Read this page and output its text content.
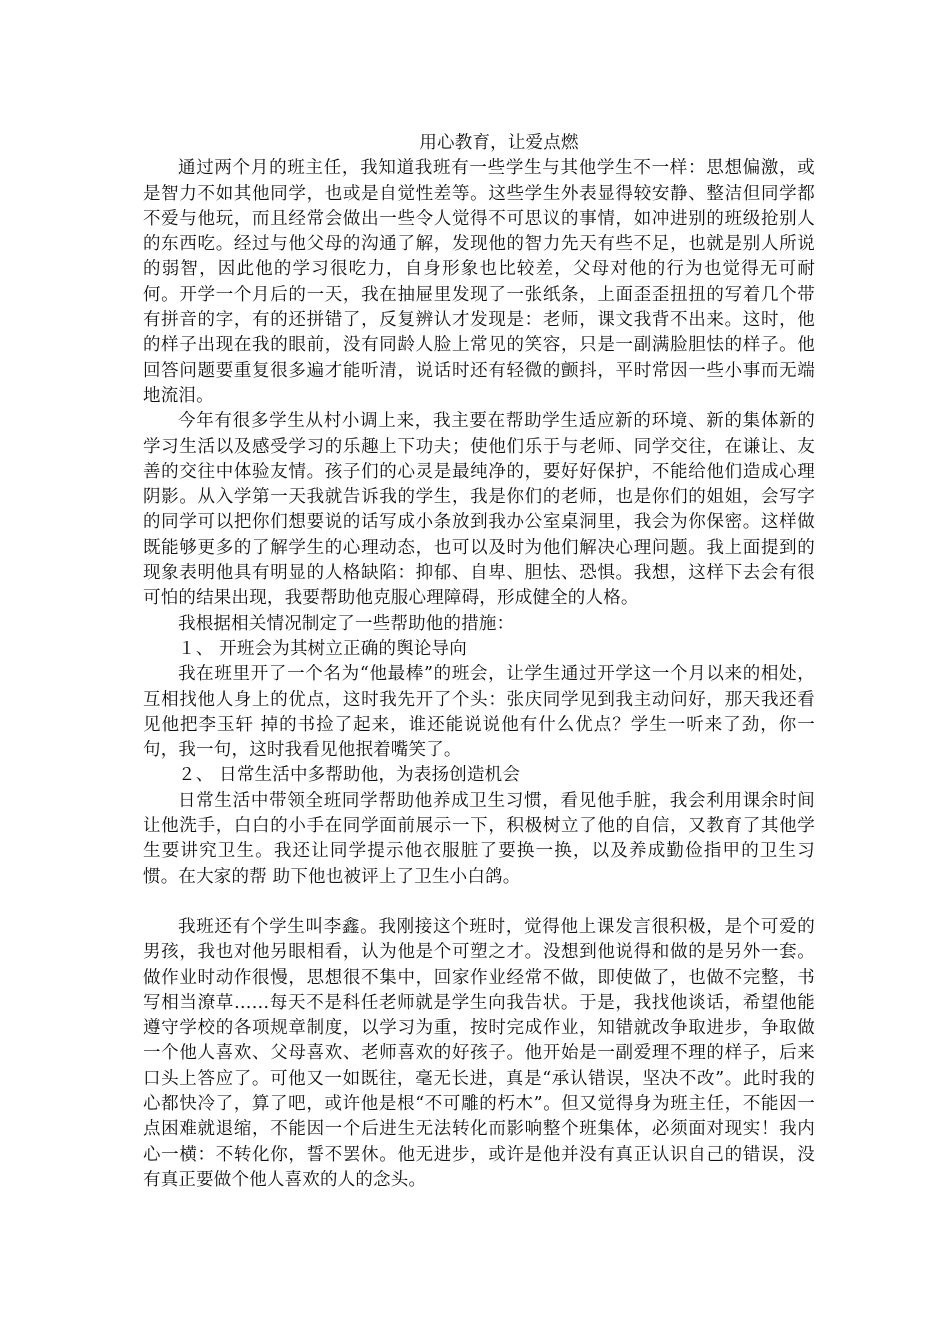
用心教育，让爱点燃

通过两个月的班主任，我知道我班有一些学生与其他学生不一样：思想偏激，或是智力不如其他同学，也或是自觉性差等。这些学生外表显得较安静、整洁但同学都不爱与他玩，而且经常会做出一些令人觉得不可思议的事情，如冲进别的班级抢别人的东西吃。经过与他父母的沟通了解，发现他的智力先天有些不足，也就是别人所说的弱智，因此他的学习很吃力，自身形象也比较差，父母对他的行为也觉得无可耐何。开学一个月后的一天，我在抽屉里发现了一张纸条，上面歪歪扭扭的写着几个带有拼音的字，有的还拼错了，反复辨认才发现是：老师，课文我背不出来。这时，他的样子出现在我的眼前，没有同龄人脸上常见的笑容，只是一副满脸胆怯的样子。他回答问题要重复很多遍才能听清，说话时还有轻微的颤抖，平时常因一些小事而无端地流泪。

今年有很多学生从村小调上来，我主要在帮助学生适应新的环境、新的集体新的学习生活以及感受学习的乐趣上下功夫；使他们乐于与老师、同学交往，在谦让、友善的交往中体验友情。孩子们的心灵是最纯净的，要好好保护，不能给他们造成心理阴影。从入学第一天我就告诉我的学生，我是你们的老师，也是你们的姐姐，会写字的同学可以把你们想要说的话写成小条放到我办公室桌洞里，我会为你保密。这样做既能够更多的了解学生的心理动态，也可以及时为他们解决心理问题。我上面提到的现象表明他具有明显的人格缺陷：抑郁、自卑、胆怯、恐惧。我想，这样下去会有很可怕的结果出现，我要帮助他克服心理障碍，形成健全的人格。

我根据相关情况制定了一些帮助他的措施：

１、 开班会为其树立正确的舆论导向

我在班里开了一个名为“他最棒”的班会，让学生通过开学这一个月以来的相处，互相找他人身上的优点，这时我先开了个头：张庆同学见到我主动问好，那天我还看见他把李玉轩 掉的书捡了起来，谁还能说说他有什么优点？学生一听来了劲，你一句，我一句，这时我看见他抿着嘴笑了。

２、 日常生活中多帮助他，为表扬创造机会

日常生活中带领全班同学帮助他养成卫生习惯，看见他手脏，我会利用课余时间让他洗手，白白的小手在同学面前展示一下，积极树立了他的自信，又教育了其他学生要讲究卫生。我还让同学提示他衣服脏了要换一换，以及养成勤俭指甲的卫生习惯。在大家的帮 助下他也被评上了卫生小白鸽。

我班还有个学生叫李鑫。我刚接这个班时，觉得他上课发言很积极，是个可爱的男孩，我也对他另眼相看，认为他是个可塑之才。没想到他说得和做的是另外一套。做作业时动作很慢，思想很不集中，回家作业经常不做，即使做了，也做不完整，书写相当潦草……每天不是科任老师就是学生向我告状。于是，我找他谈话，希望他能遵守学校的各项规章制度，以学习为重，按时完成作业，知错就改争取进步，争取做一个他人喜欢、父母喜欢、老师喜欢的好孩子。他开始是一副爱理不理的样子，后来口头上答应了。可他又一如既往，毫无长进，真是“承认错误，坚决不改”。此时我的心都快冷了，算了吧，或许他是根“不可雕的朽木”。但又觉得身为班主任，不能因一点困难就退缩，不能因一个后进生无法转化而影响整个班集体，必须面对现实！我内心一横：不转化你，誓不罢休。他无进步，或许是他并没有真正认识自己的错误，没有真正要做个他人喜欢的人的念头。
